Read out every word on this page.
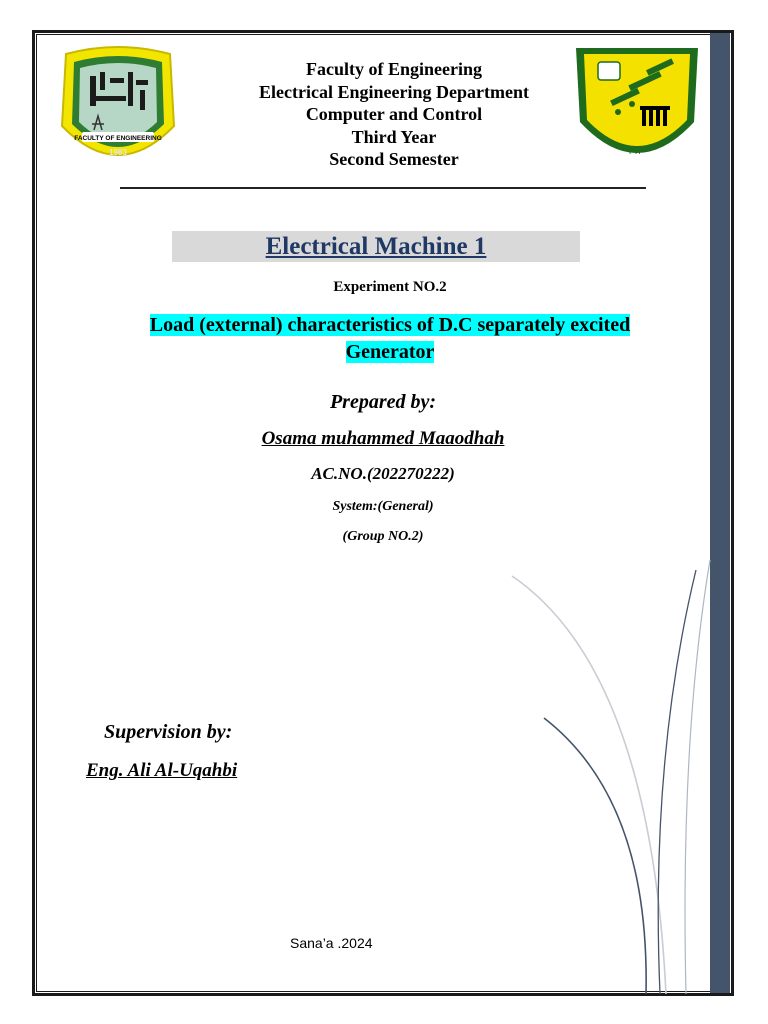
FACULTY OF ENGINEERING
1983	١٩٧٠
Faculty of Engineering
Electrical Engineering Department
Computer and Control
Third Year
Second Semester
Electrical Machine 1
Experiment NO.2
Load (external) characteristics of D.C separately excited
Generator
Prepared by:
Osama muhammed Maaodhah
AC.NO.(202270222)
System:(General)
(Group NO.2)
Supervision by:
Eng. Ali Al-Uqahbi
Sana’a .2024
